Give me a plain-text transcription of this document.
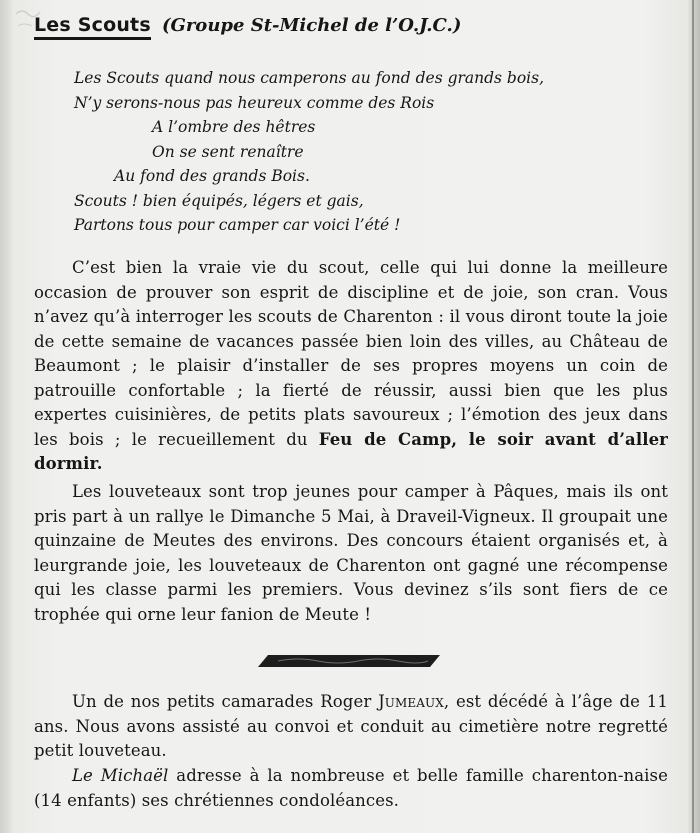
Les Scouts (Groupe St-Michel de l’O.J.C.)
Les Scouts quand nous camperons au fond des grands bois,
N’y serons-nous pas heureux comme des Rois
A l’ombre des hêtres
On se sent renaître
Au fond des grands Bois.
Scouts ! bien équipés, légers et gais,
Partons tous pour camper car voici l’été !

C’est bien la vraie vie du scout, celle qui lui donne la meilleure occasion de prouver son esprit de discipline et de joie, son cran. Vous n’avez qu’à interroger les scouts de Charenton : il vous diront toute la joie de cette semaine de vacances passée bien loin des villes, au Château de Beaumont ; le plaisir d’installer de ses propres moyens un coin de patrouille confortable ; la fierté de réussir, aussi bien que les plus expertes cuisinières, de petits plats savoureux ; l’émotion des jeux dans les bois ; le recueillement du Feu de Camp, le soir avant d’aller dormir.

Les louveteaux sont trop jeunes pour camper à Pâques, mais ils ont pris part à un rallye le Dimanche 5 Mai, à Draveil-Vigneux. Il groupait une quinzaine de Meutes des environs. Des concours étaient organisés et, à leurgrande joie, les louveteaux de Charenton ont gagné une récompense qui les classe parmi les premiers. Vous devinez s’ils sont fiers de ce trophée qui orne leur fanion de Meute !

Un de nos petits camarades Roger Jumeaux, est décédé à l’âge de 11 ans. Nous avons assisté au convoi et conduit au cimetière notre regretté petit louveteau.

Le Michaël adresse à la nombreuse et belle famille charenton-naise (14 enfants) ses chrétiennes condoléances.
